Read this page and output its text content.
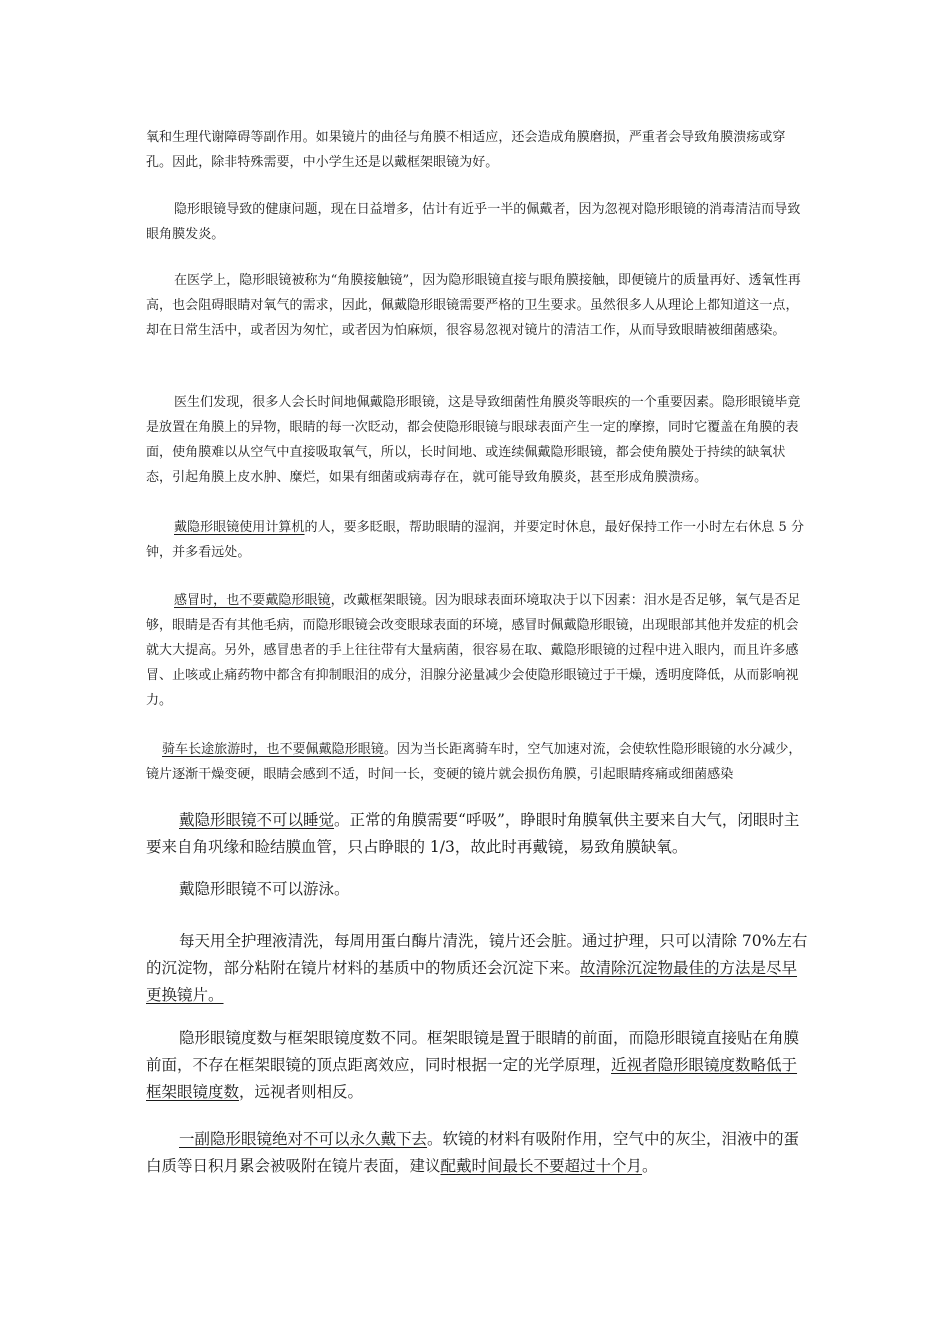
氧和生理代谢障碍等副作用。如果镜片的曲径与角膜不相适应，还会造成角膜磨损，严重者会导致角膜溃疡或穿孔。因此，除非特殊需要，中小学生还是以戴框架眼镜为好。

隐形眼镜导致的健康问题，现在日益增多，估计有近乎一半的佩戴者，因为忽视对隐形眼镜的消毒清洁而导致眼角膜发炎。

在医学上，隐形眼镜被称为“角膜接触镜”，因为隐形眼镜直接与眼角膜接触，即便镜片的质量再好、透氧性再高，也会阻碍眼睛对氧气的需求，因此，佩戴隐形眼镜需要严格的卫生要求。虽然很多人从理论上都知道这一点，却在日常生活中，或者因为匆忙，或者因为怕麻烦，很容易忽视对镜片的清洁工作，从而导致眼睛被细菌感染。

医生们发现，很多人会长时间地佩戴隐形眼镜，这是导致细菌性角膜炎等眼疾的一个重要因素。隐形眼镜毕竟是放置在角膜上的异物，眼睛的每一次眨动，都会使隐形眼镜与眼球表面产生一定的摩擦，同时它覆盖在角膜的表面，使角膜难以从空气中直接吸取氧气，所以，长时间地、或连续佩戴隐形眼镜，都会使角膜处于持续的缺氧状态，引起角膜上皮水肿、糜烂，如果有细菌或病毒存在，就可能导致角膜炎，甚至形成角膜溃疡。

戴隐形眼镜使用计算机的人，要多眨眼，帮助眼睛的湿润，并要定时休息，最好保持工作一小时左右休息 5 分钟，并多看远处。

感冒时，也不要戴隐形眼镜，改戴框架眼镜。因为眼球表面环境取决于以下因素：泪水是否足够，氧气是否足够，眼睛是否有其他毛病，而隐形眼镜会改变眼球表面的环境，感冒时佩戴隐形眼镜，出现眼部其他并发症的机会就大大提高。另外，感冒患者的手上往往带有大量病菌，很容易在取、戴隐形眼镜的过程中进入眼内，而且许多感冒、止咳或止痛药物中都含有抑制眼泪的成分，泪腺分泌量减少会使隐形眼镜过于干燥，透明度降低，从而影响视力。

骑车长途旅游时，也不要佩戴隐形眼镜。因为当长距离骑车时，空气加速对流，会使软性隐形眼镜的水分减少，镜片逐渐干燥变硬，眼睛会感到不适，时间一长，变硬的镜片就会损伤角膜，引起眼睛疼痛或细菌感染

戴隐形眼镜不可以睡觉。正常的角膜需要“呼吸”，睁眼时角膜氧供主要来自大气，闭眼时主要来自角巩缘和睑结膜血管，只占睁眼的 1/3，故此时再戴镜，易致角膜缺氧。

戴隐形眼镜不可以游泳。

每天用全护理液清洗，每周用蛋白酶片清洗，镜片还会脏。通过护理，只可以清除 70%左右的沉淀物，部分粘附在镜片材料的基质中的物质还会沉淀下来。故清除沉淀物最佳的方法是尽早更换镜片。

隐形眼镜度数与框架眼镜度数不同。框架眼镜是置于眼睛的前面，而隐形眼镜直接贴在角膜前面，不存在框架眼镜的顶点距离效应，同时根据一定的光学原理，近视者隐形眼镜度数略低于框架眼镜度数，远视者则相反。

一副隐形眼镜绝对不可以永久戴下去。软镜的材料有吸附作用，空气中的灰尘，泪液中的蛋白质等日积月累会被吸附在镜片表面，建议配戴时间最长不要超过十个月。
